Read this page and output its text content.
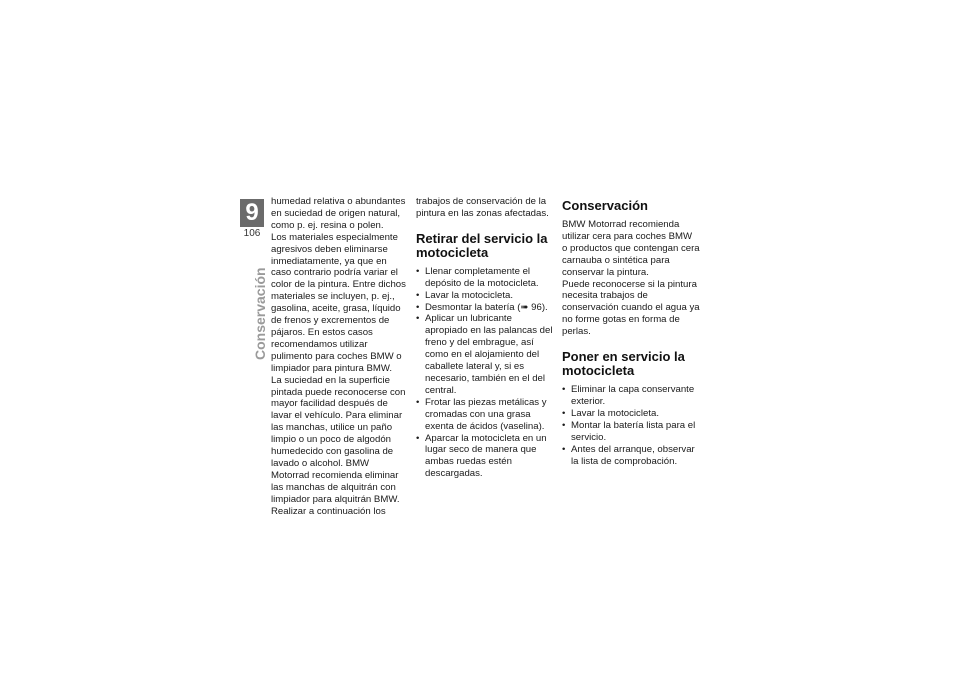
9
106
Conservación

humedad relativa o abundantes en suciedad de origen natural, como p. ej. resina o polen.

Los materiales especialmente agresivos deben eliminarse inmediatamente, ya que en caso contrario podría variar el color de la pintura. Entre dichos materiales se incluyen, p. ej., gasolina, aceite, grasa, líquido de frenos y excrementos de pájaros. En estos casos recomendamos utilizar pulimento para coches BMW o limpiador para pintura BMW.

La suciedad en la superficie pintada puede reconocerse con mayor facilidad después de lavar el vehículo. Para eliminar las manchas, utilice un paño limpio o un poco de algodón humedecido con gasolina de lavado o alcohol. BMW Motorrad recomienda eliminar las manchas de alquitrán con limpiador para alquitrán BMW. Realizar a continuación los

trabajos de conservación de la pintura en las zonas afectadas.

Retirar del servicio la motocicleta
• Llenar completamente el depósito de la motocicleta.
• Lavar la motocicleta.
• Desmontar la batería (➠ 96).
• Aplicar un lubricante apropiado en las palancas del freno y del embrague, así como en el alojamiento del caballete lateral y, si es necesario, también en el del central.
• Frotar las piezas metálicas y cromadas con una grasa exenta de ácidos (vaselina).
• Aparcar la motocicleta en un lugar seco de manera que ambas ruedas estén descargadas.
Conservación

BMW Motorrad recomienda utilizar cera para coches BMW o productos que contengan cera carnauba o sintética para conservar la pintura.

Puede reconocerse si la pintura necesita trabajos de conservación cuando el agua ya no forme gotas en forma de perlas.

Poner en servicio la motocicleta
• Eliminar la capa conservante exterior.
• Lavar la motocicleta.
• Montar la batería lista para el servicio.
• Antes del arranque, observar la lista de comprobación.
